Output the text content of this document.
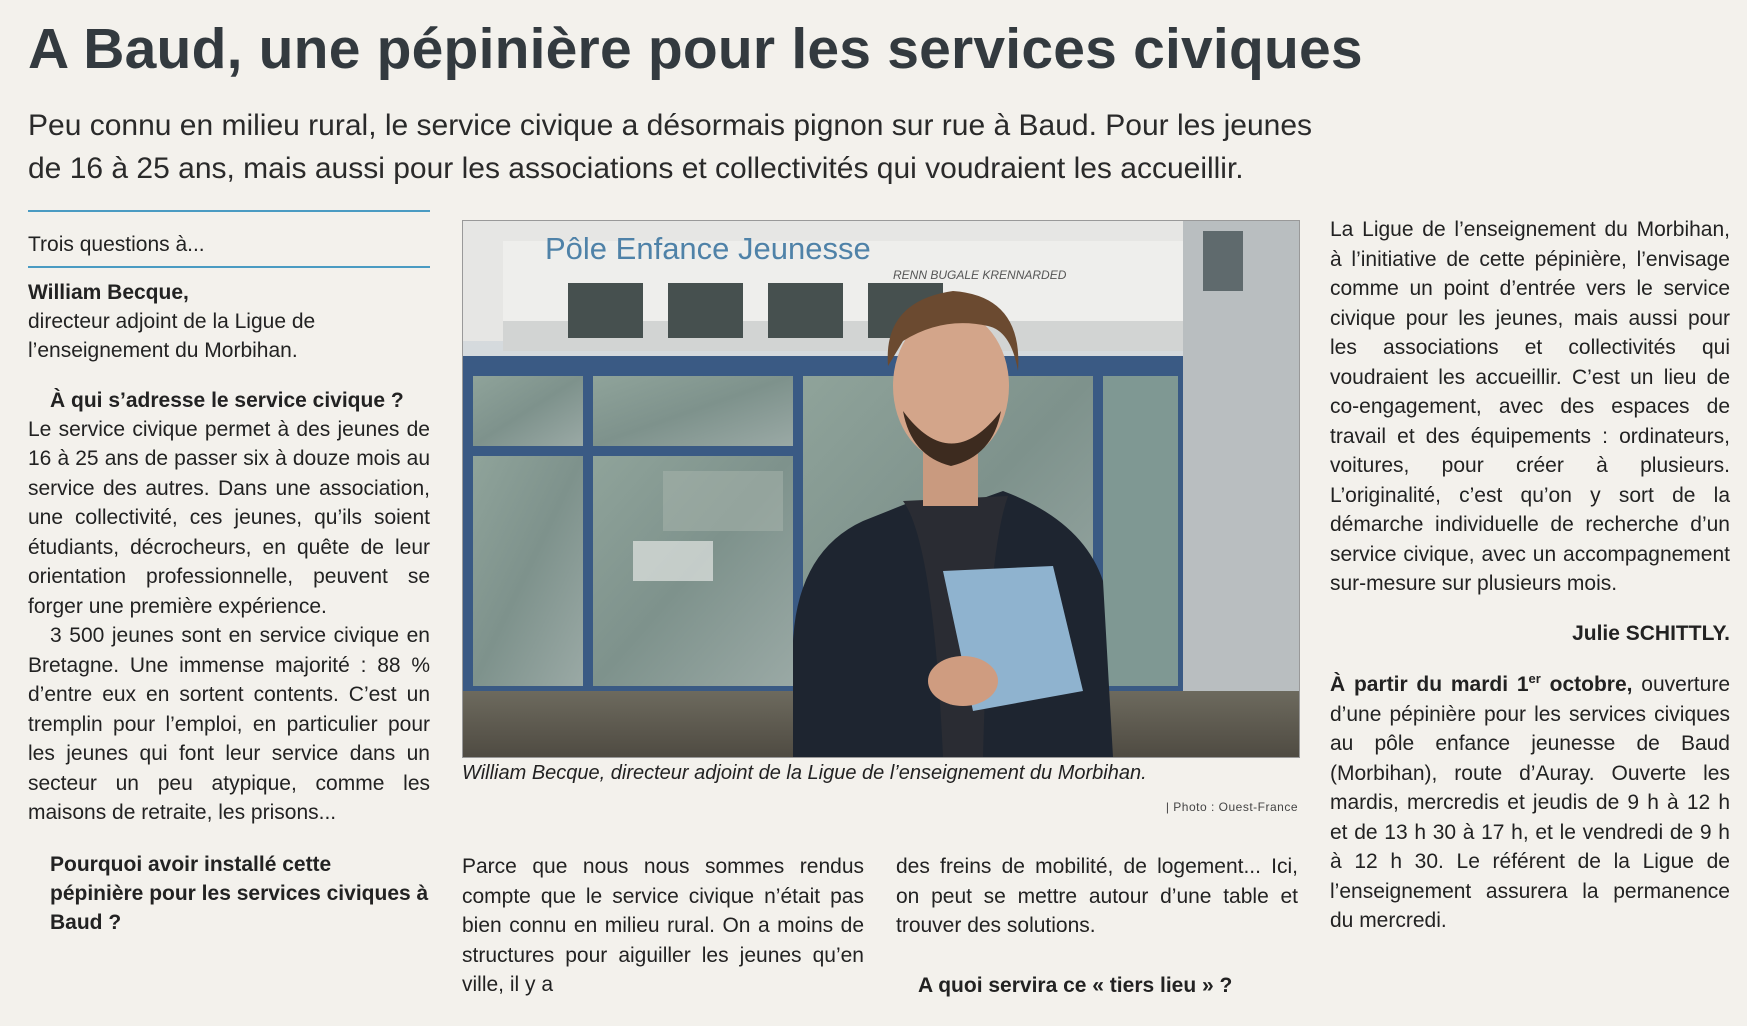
A Baud, une pépinière pour les services civiques

Peu connu en milieu rural, le service civique a désormais pignon sur rue à Baud. Pour les jeunes

de 16 à 25 ans, mais aussi pour les associations et collectivités qui voudraient les accueillir.

Trois questions à...
William Becque,
directeur adjoint de la Ligue de l’enseignement du Morbihan.
À qui s’adresse le service civique ?

Le service civique permet à des jeunes de 16 à 25 ans de passer six à douze mois au service des autres. Dans une association, une collectivité, ces jeunes, qu’ils soient étudiants, décrocheurs, en quête de leur orientation professionnelle, peuvent se forger une première expérience.

3 500 jeunes sont en service civique en Bretagne. Une immense majorité : 88 % d’entre eux en sortent contents. C’est un tremplin pour l’emploi, en particulier pour les jeunes qui font leur service dans un secteur un peu atypique, comme les maisons de retraite, les prisons...

Pourquoi avoir installé cette pépinière pour les services civiques à Baud ?
Pôle Enfance Jeunesse
RENN BUGALE KRENNARDED
William Becque, directeur adjoint de la Ligue de l’enseignement du Morbihan.
| Photo : Ouest-France

Parce que nous nous sommes rendus compte que le service civique n’était pas bien connu en milieu rural. On a moins de structures pour aiguiller les jeunes qu’en ville, il y a

des freins de mobilité, de logement... Ici, on peut se mettre autour d’une table et trouver des solutions.

A quoi servira ce « tiers lieu » ?

La Ligue de l’enseignement du Morbihan, à l’initiative de cette pépinière, l’envisage comme un point d’entrée vers le service civique pour les jeunes, mais aussi pour les associations et collectivités qui voudraient les accueillir. C’est un lieu de co-engagement, avec des espaces de travail et des équipements : ordinateurs, voitures, pour créer à plusieurs. L’originalité, c’est qu’on y sort de la démarche individuelle de recherche d’un service civique, avec un accompagnement sur-mesure sur plusieurs mois.

Julie SCHITTLY.

À partir du mardi 1er octobre, ouverture d’une pépinière pour les services civiques au pôle enfance jeunesse de Baud (Morbihan), route d’Auray. Ouverte les mardis, mercredis et jeudis de 9 h à 12 h et de 13 h 30 à 17 h, et le vendredi de 9 h à 12 h 30. Le référent de la Ligue de l’enseignement assurera la permanence du mercredi.
